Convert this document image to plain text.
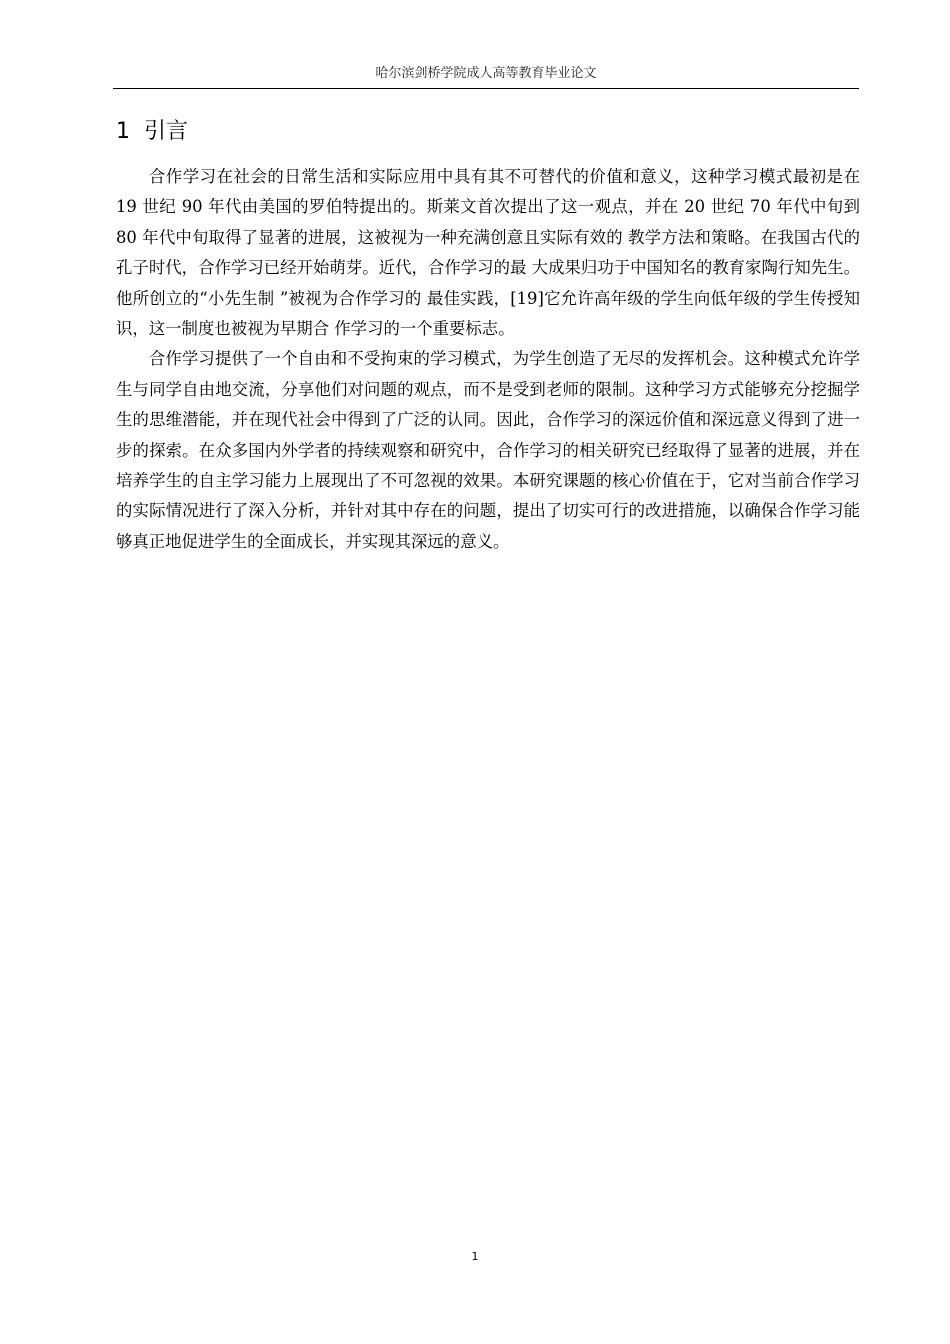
哈尔滨剑桥学院成人高等教育毕业论文
1 引言

合作学习在社会的日常生活和实际应用中具有其不可替代的价值和意义，这种学习模式最初是在 19 世纪 90 年代由美国的罗伯特提出的。斯莱文首次提出了这一观点，并在 20 世纪 70 年代中旬到 80 年代中旬取得了显著的进展，这被视为一种充满创意且实际有效的 教学方法和策略。在我国古代的孔子时代，合作学习已经开始萌芽。近代，合作学习的最 大成果归功于中国知名的教育家陶行知先生。他所创立的“小先生制 ”被视为合作学习的 最佳实践，[19]它允许高年级的学生向低年级的学生传授知识，这一制度也被视为早期合 作学习的一个重要标志。

合作学习提供了一个自由和不受拘束的学习模式，为学生创造了无尽的发挥机会。这种模式允许学生与同学自由地交流，分享他们对问题的观点，而不是受到老师的限制。这种学习方式能够充分挖掘学生的思维潜能，并在现代社会中得到了广泛的认同。因此，合作学习的深远价值和深远意义得到了进一步的探索。在众多国内外学者的持续观察和研究中，合作学习的相关研究已经取得了显著的进展，并在培养学生的自主学习能力上展现出了不可忽视的效果。本研究课题的核心价值在于，它对当前合作学习的实际情况进行了深入分析，并针对其中存在的问题，提出了切实可行的改进措施，以确保合作学习能够真正地促进学生的全面成长，并实现其深远的意义。

1
